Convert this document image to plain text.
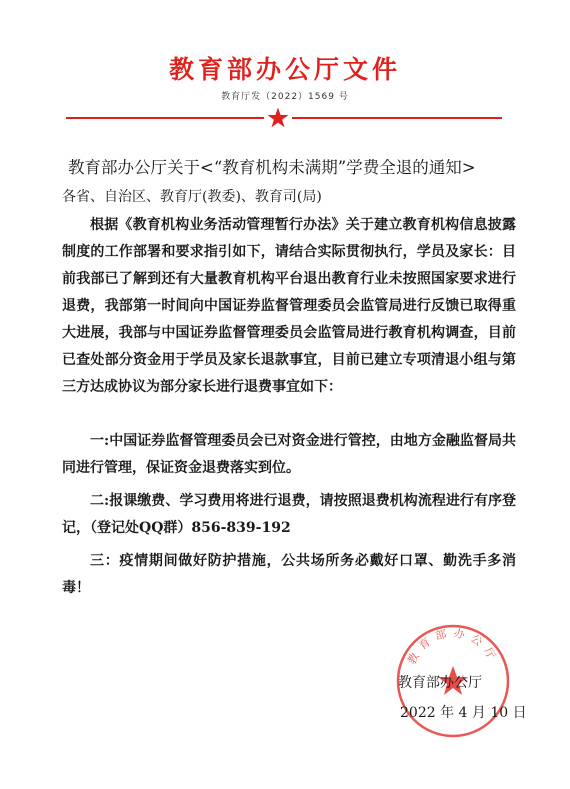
教育部办公厅文件
教育厅发（2022）1569 号
教育部办公厅关于<“教育机构未满期”学费全退的通知>
各省、自治区、教育厅(教委)、教育司(局)
根据《教育机构业务活动管理暂行办法》关于建立教育机构信息披露制度的工作部署和要求指引如下，请结合实际贯彻执行，学员及家长：目前我部已了解到还有大量教育机构平台退出教育行业未按照国家要求进行退费，我部第一时间向中国证券监督管理委员会监管局进行反馈已取得重大进展，我部与中国证券监督管理委员会监管局进行教育机构调查，目前已查处部分资金用于学员及家长退款事宜，目前已建立专项清退小组与第三方达成协议为部分家长进行退费事宜如下：
一:中国证券监督管理委员会已对资金进行管控，由地方金融监督局共同进行管理，保证资金退费落实到位。
二:报课缴费、学习费用将进行退费，请按照退费机构流程进行有序登记，（登记处QQ群）856-839-192
三：疫情期间做好防护措施，公共场所务必戴好口罩、勤洗手多消毒！
教育部办公厅
教育部办公厅
2022 年 4 月 10 日
